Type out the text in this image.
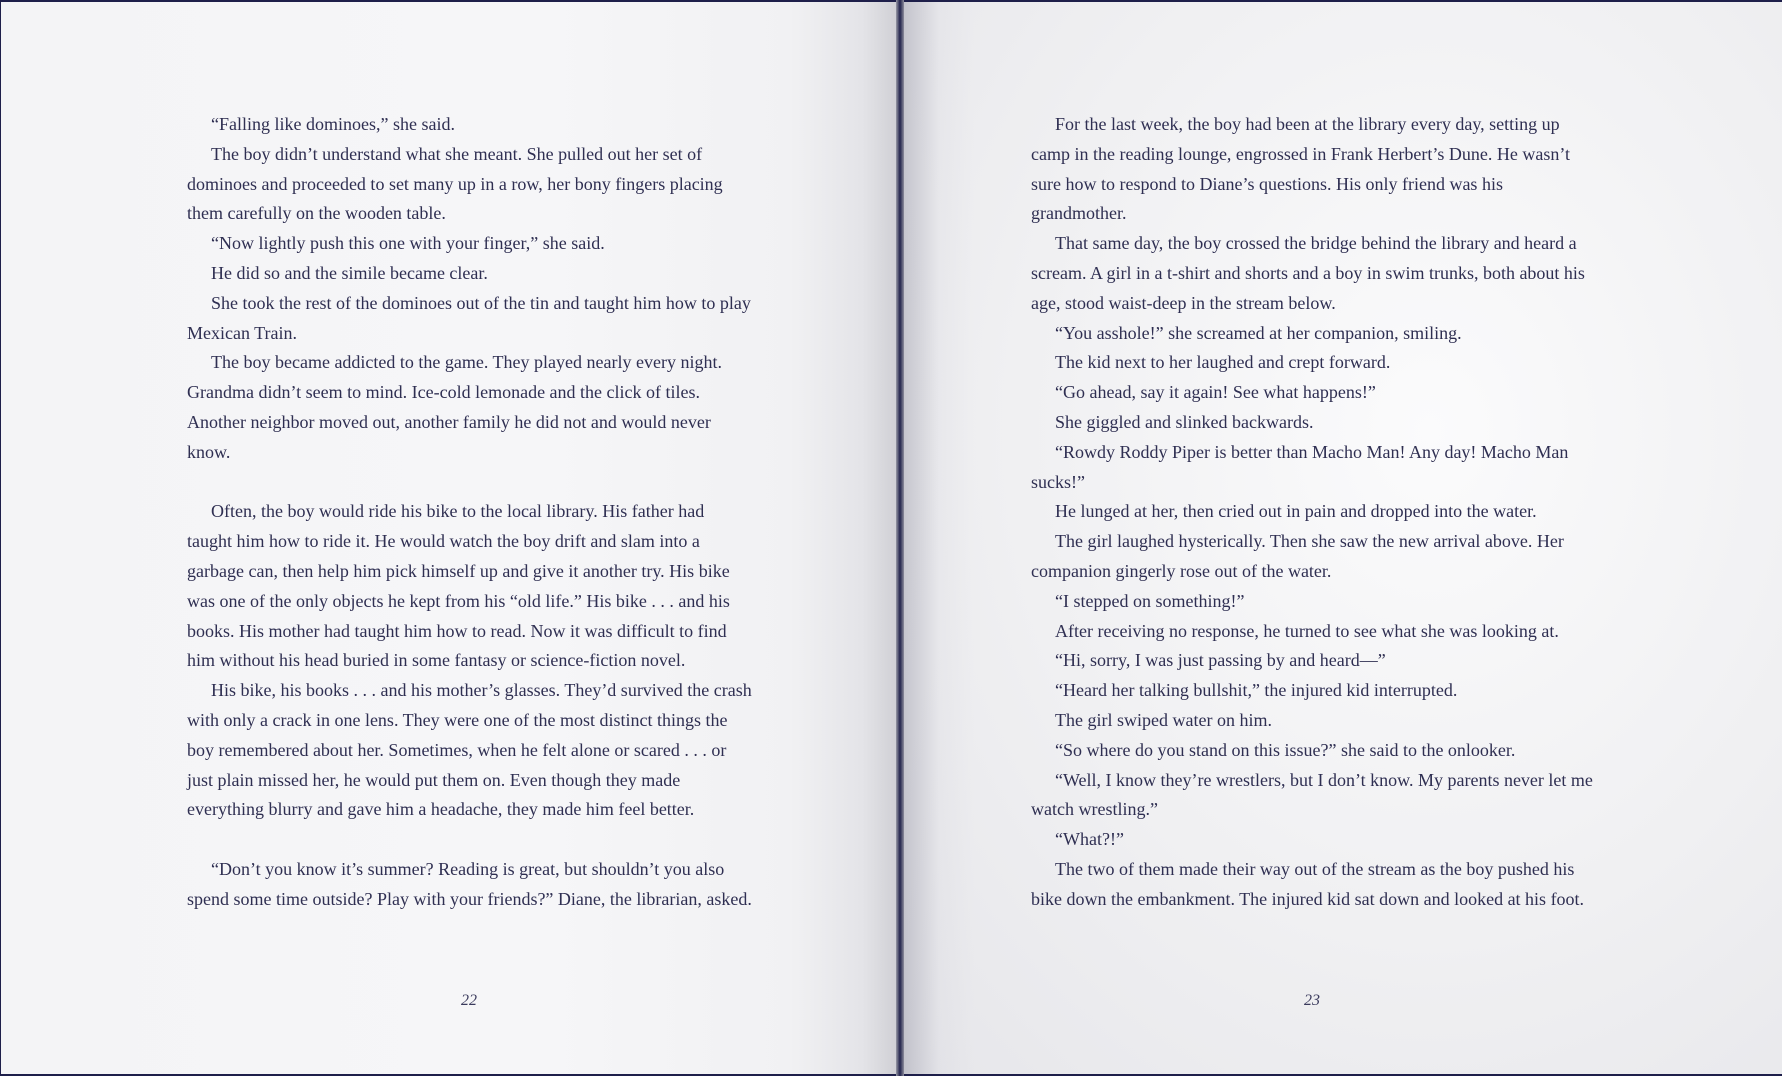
“Falling like dominoes,” she said.

The boy didn’t understand what she meant. She pulled out her set of dominoes and proceeded to set many up in a row, her bony fingers placing them carefully on the wooden table.

“Now lightly push this one with your finger,” she said.

He did so and the simile became clear.

She took the rest of the dominoes out of the tin and taught him how to play Mexican Train.

The boy became addicted to the game. They played nearly every night. Grandma didn’t seem to mind. Ice-cold lemonade and the click of tiles. Another neighbor moved out, another family he did not and would never know.

Often, the boy would ride his bike to the local library. His father had taught him how to ride it. He would watch the boy drift and slam into a garbage can, then help him pick himself up and give it another try. His bike was one of the only objects he kept from his “old life.” His bike . . . and his books. His mother had taught him how to read. Now it was difficult to find him without his head buried in some fantasy or science-fiction novel.

His bike, his books . . . and his mother’s glasses. They’d survived the crash with only a crack in one lens. They were one of the most distinct things the boy remembered about her. Sometimes, when he felt alone or scared . . . or just plain missed her, he would put them on. Even though they made everything blurry and gave him a headache, they made him feel better.

“Don’t you know it’s summer? Reading is great, but shouldn’t you also spend some time outside? Play with your friends?” Diane, the librarian, asked.

22

For the last week, the boy had been at the library every day, setting up camp in the reading lounge, engrossed in Frank Herbert’s Dune. He wasn’t sure how to respond to Diane’s questions. His only friend was his grandmother.

That same day, the boy crossed the bridge behind the library and heard a scream. A girl in a t-shirt and shorts and a boy in swim trunks, both about his age, stood waist-deep in the stream below.

“You asshole!” she screamed at her companion, smiling.

The kid next to her laughed and crept forward.

“Go ahead, say it again! See what happens!”

She giggled and slinked backwards.

“Rowdy Roddy Piper is better than Macho Man! Any day! Macho Man sucks!”

He lunged at her, then cried out in pain and dropped into the water.

The girl laughed hysterically. Then she saw the new arrival above. Her companion gingerly rose out of the water.

“I stepped on something!”

After receiving no response, he turned to see what she was looking at.

“Hi, sorry, I was just passing by and heard—”

“Heard her talking bullshit,” the injured kid interrupted.

The girl swiped water on him.

“So where do you stand on this issue?” she said to the onlooker.

“Well, I know they’re wrestlers, but I don’t know. My parents never let me watch wrestling.”

“What?!”

The two of them made their way out of the stream as the boy pushed his bike down the embankment. The injured kid sat down and looked at his foot.

23
